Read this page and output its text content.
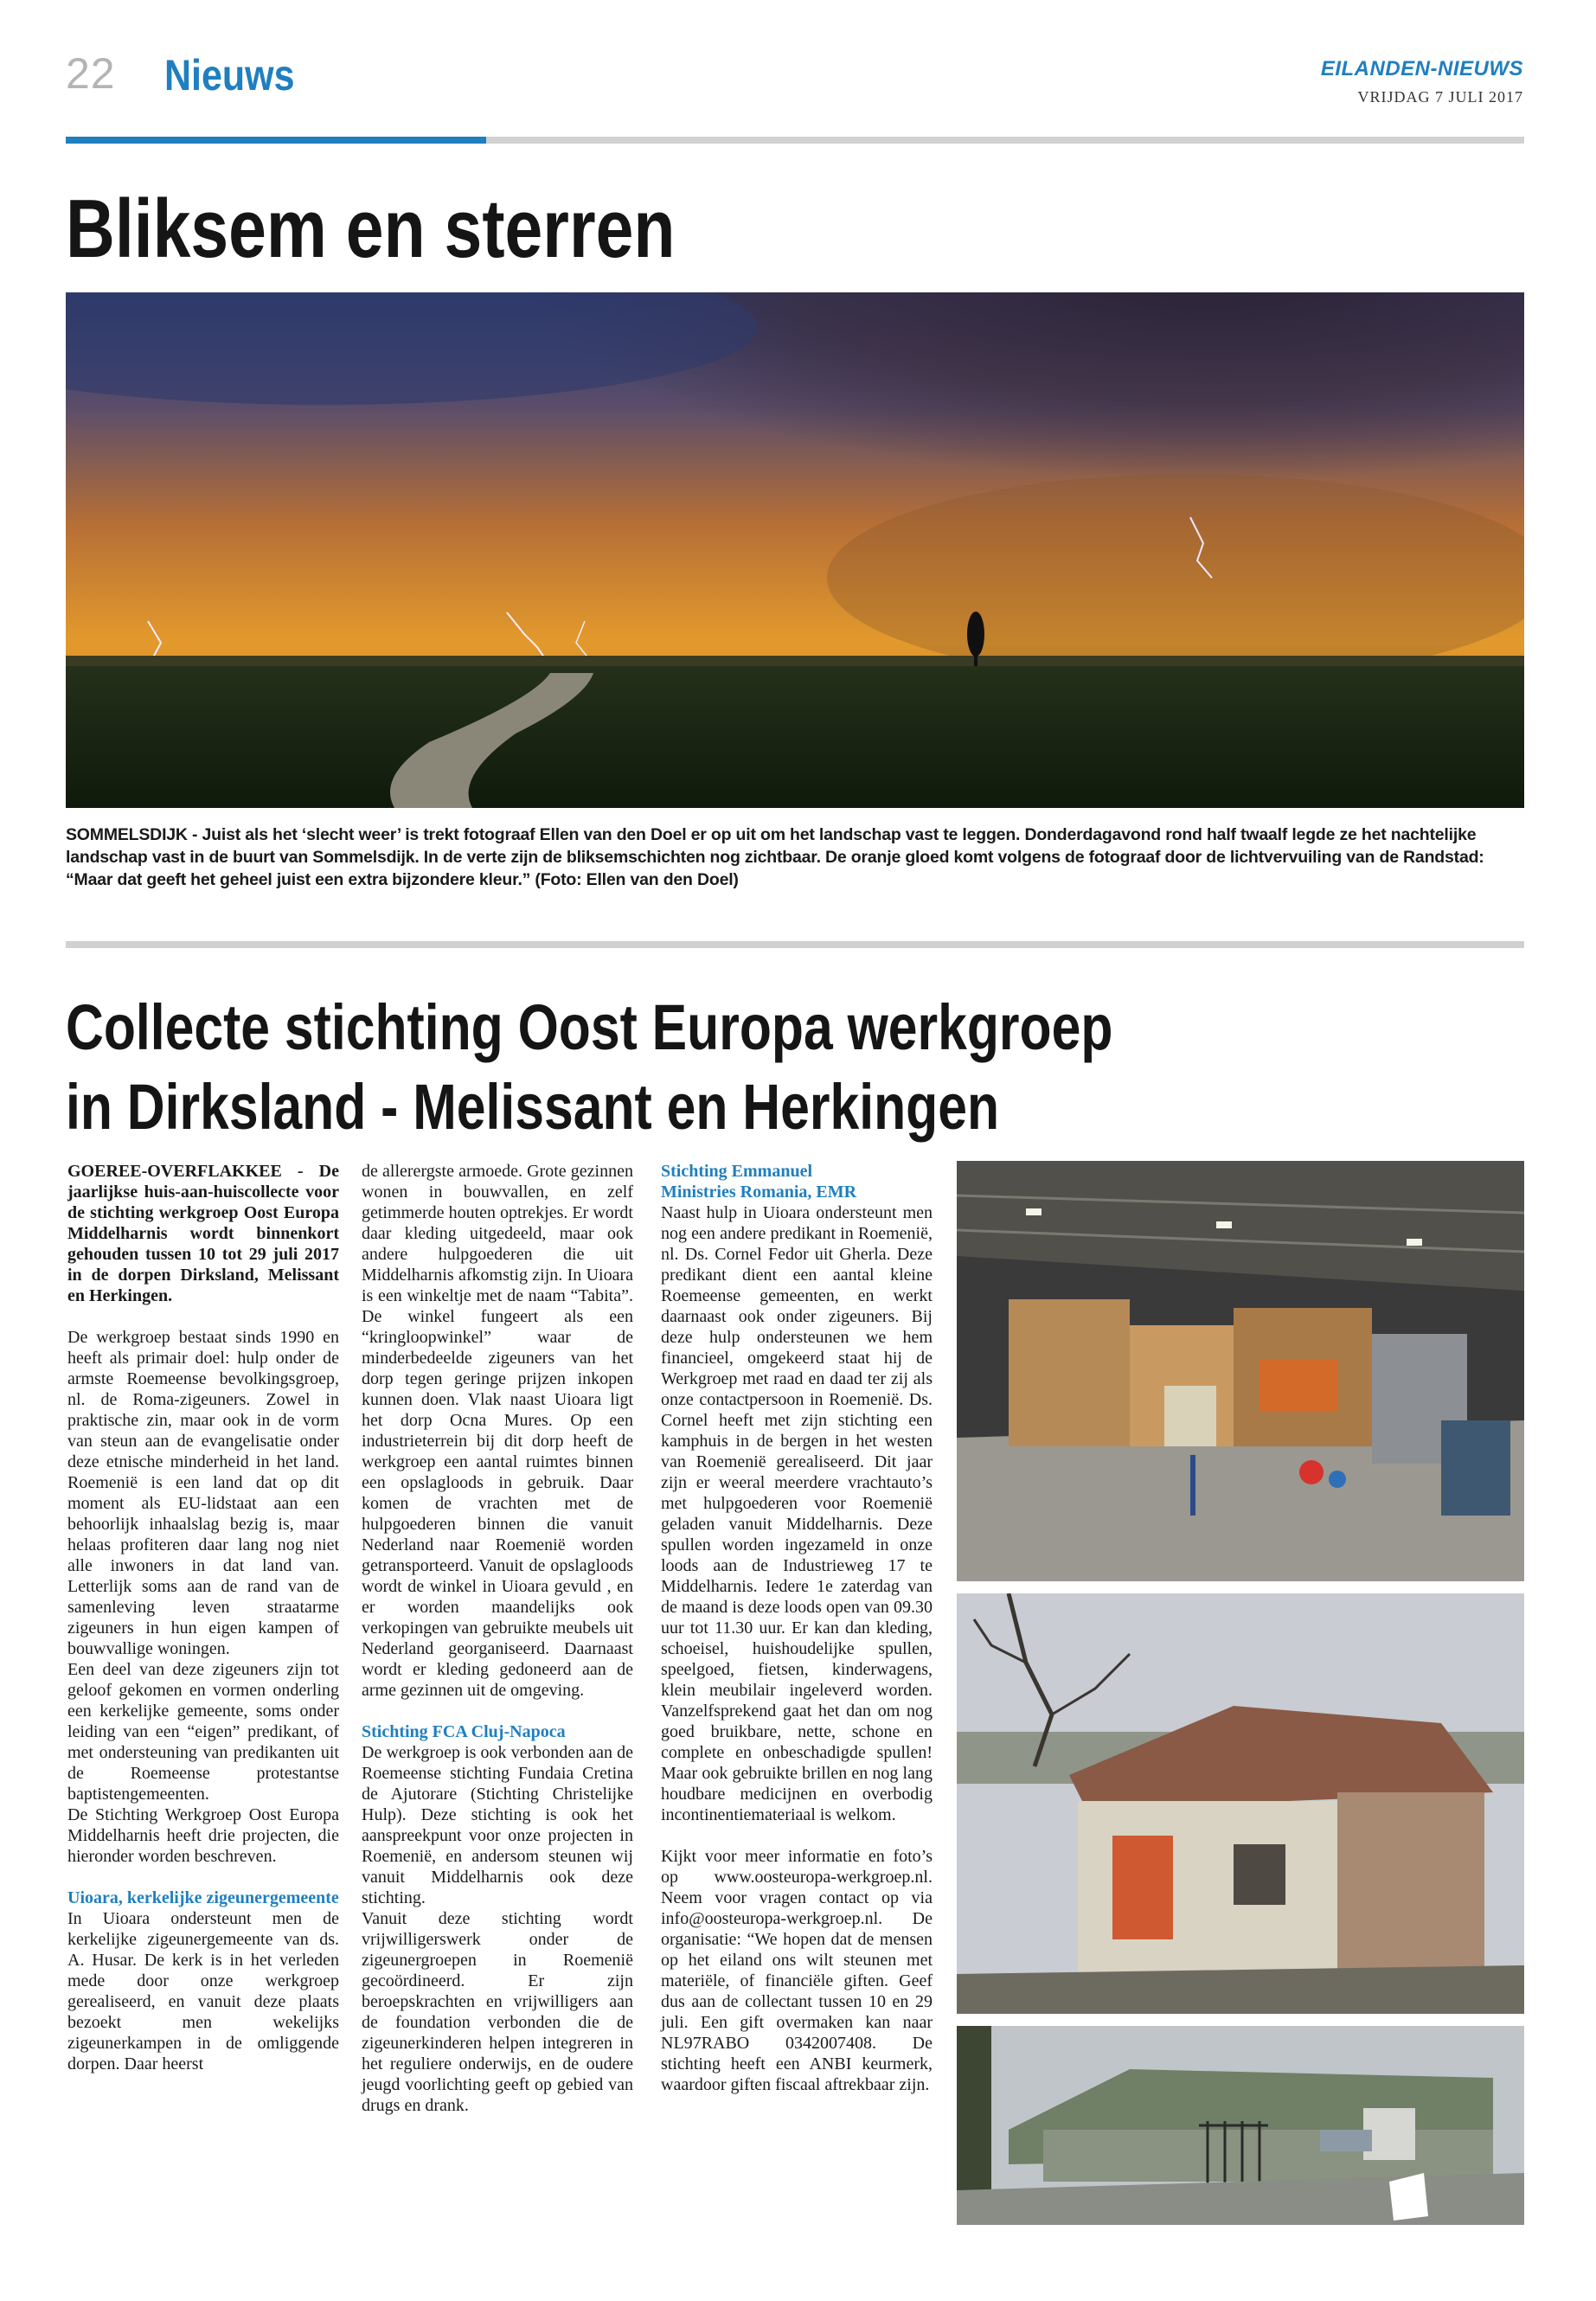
22 Nieuws	EILANDEN-NIEUWS
VRIJDAG 7 JULI 2017
Bliksem en sterren

SOMMELSDIJK - Juist als het ‘slecht weer’ is trekt fotograaf Ellen van den Doel er op uit om het landschap vast te leggen. Donderdagavond rond half twaalf legde ze het nachtelijke landschap vast in de buurt van Sommelsdijk. In de verte zijn de bliksemschichten nog zichtbaar. De oranje gloed komt volgens de fotograaf door de lichtvervuiling van de Randstad: “Maar dat geeft het geheel juist een extra bijzondere kleur.” (Foto: Ellen van den Doel)

Collecte stichting Oost Europa werkgroep
in Dirksland - Melissant en Herkingen

GOEREE-OVERFLAKKEE - De jaarlijkse huis-aan-huiscollecte voor de stichting werkgroep Oost Europa Middelharnis wordt binnenkort gehouden tussen 10 tot 29 juli 2017 in de dorpen Dirksland, Melissant en Herkingen.

De werkgroep bestaat sinds 1990 en heeft als primair doel: hulp onder de armste Roemeense bevolkingsgroep, nl. de Roma-zigeuners. Zowel in praktische zin, maar ook in de vorm van steun aan de evangelisatie onder deze etnische minderheid in het land. Roemenië is een land dat op dit moment als EU-lidstaat aan een behoorlijk inhaalslag bezig is, maar helaas profiteren daar lang nog niet alle inwoners in dat land van. Letterlijk soms aan de rand van de samenleving leven straatarme zigeuners in hun eigen kampen of bouwvallige woningen.

Een deel van deze zigeuners zijn tot geloof gekomen en vormen onderling een kerkelijke gemeente, soms onder leiding van een “eigen” predikant, of met ondersteuning van predikanten uit de Roemeense protestantse baptistengemeenten.

De Stichting Werkgroep Oost Europa Middelharnis heeft drie projecten, die hieronder worden beschreven.

Uioara, kerkelijke zigeunergemeente

In Uioara ondersteunt men de kerkelijke zigeunergemeente van ds. A. Husar. De kerk is in het verleden mede door onze werkgroep gerealiseerd, en vanuit deze plaats bezoekt men wekelijks zigeunerkampen in de omliggende dorpen. Daar heerst

de allerergste armoede. Grote gezinnen wonen in bouwvallen, en zelf getimmerde houten optrekjes. Er wordt daar kleding uitgedeeld, maar ook andere hulpgoederen die uit Middelharnis afkomstig zijn. In Uioara is een winkeltje met de naam “Tabita”. De winkel fungeert als een “kringloopwinkel” waar de minderbedeelde zigeuners van het dorp tegen geringe prijzen inkopen kunnen doen. Vlak naast Uioara ligt het dorp Ocna Mures. Op een industrieterrein bij dit dorp heeft de werkgroep een aantal ruimtes binnen een opslagloods in gebruik. Daar komen de vrachten met de hulpgoederen binnen die vanuit Nederland naar Roemenië worden getransporteerd. Vanuit de opslagloods wordt de winkel in Uioara gevuld , en er worden maandelijks ook verkopingen van gebruikte meubels uit Nederland georganiseerd. Daarnaast wordt er kleding gedoneerd aan de arme gezinnen uit de omgeving.

Stichting FCA Cluj-Napoca

De werkgroep is ook verbonden aan de Roemeense stichting Fundaia Cretina de Ajutorare (Stichting Christelijke Hulp). Deze stichting is ook het aanspreekpunt voor onze projecten in Roemenië, en andersom steunen wij vanuit Middelharnis ook deze stichting.

Vanuit deze stichting wordt vrijwilligerswerk onder de zigeunergroepen in Roemenië gecoördineerd. Er zijn beroepskrachten en vrijwilligers aan de foundation verbonden die de zigeunerkinderen helpen integreren in het reguliere onderwijs, en de oudere jeugd voorlichting geeft op gebied van drugs en drank.

Stichting Emmanuel
Ministries Romania, EMR

Naast hulp in Uioara ondersteunt men nog een andere predikant in Roemenië, nl. Ds. Cornel Fedor uit Gherla. Deze predikant dient een aantal kleine Roemeense gemeenten, en werkt daarnaast ook onder zigeuners. Bij deze hulp ondersteunen we hem financieel, omgekeerd staat hij de Werkgroep met raad en daad ter zij als onze contactpersoon in Roemenië. Ds. Cornel heeft met zijn stichting een kamphuis in de bergen in het westen van Roemenië gerealiseerd. Dit jaar zijn er weeral meerdere vrachtauto’s met hulpgoederen voor Roemenië geladen vanuit Middelharnis. Deze spullen worden ingezameld in onze loods aan de Industrieweg 17 te Middelharnis. Iedere 1e zaterdag van de maand is deze loods open van 09.30 uur tot 11.30 uur. Er kan dan kleding, schoeisel, huishoudelijke spullen, speelgoed, fietsen, kinderwagens, klein meubilair ingeleverd worden. Vanzelfsprekend gaat het dan om nog goed bruikbare, nette, schone en complete en onbeschadigde spullen! Maar ook gebruikte brillen en nog lang houdbare medicijnen en overbodig incontinentiemateriaal is welkom.

Kijkt voor meer informatie en foto’s op www.oosteuropa-werkgroep.nl. Neem voor vragen contact op via info@oosteuropa-werkgroep.nl. De organisatie: “We hopen dat de mensen op het eiland ons wilt steunen met materiële, of financiële giften. Geef dus aan de collectant tussen 10 en 29 juli. Een gift overmaken kan naar NL97RABO 0342007408. De stichting heeft een ANBI keurmerk, waardoor giften fiscaal aftrekbaar zijn.
